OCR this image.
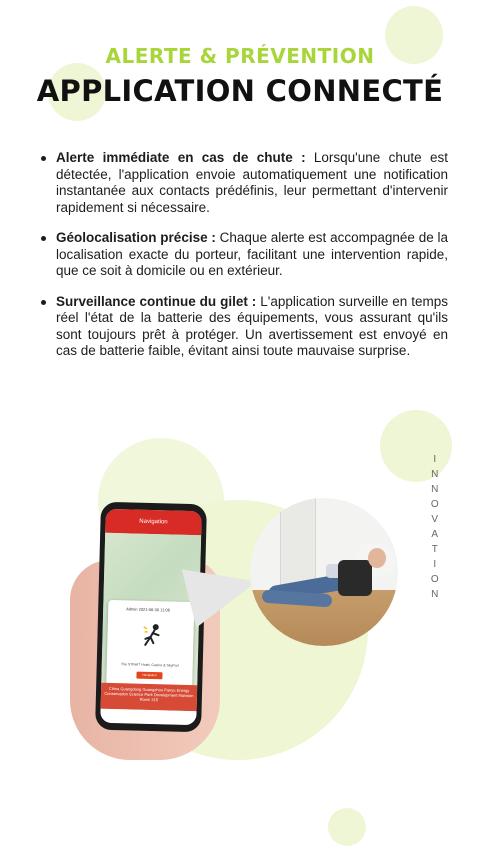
ALERTE & PRÉVENTION
APPLICATION CONNECTÉ
Alerte immédiate en cas de chute : Lorsqu'une chute est détectée, l'application envoie automatiquement une notification instantanée aux contacts prédéfinis, leur permettant d'intervenir rapidement si nécessaire.
Géolocalisation précise : Chaque alerte est accompagnée de la localisation exacte du porteur, facilitant une intervention rapide, que ce soit à domicile ou en extérieur.
Surveillance continue du gilet : L'application surveille en temps réel l'état de la batterie des équipements, vous assurant qu'ils sont toujours prêt à protéger. Un avertissement est envoyé en cas de batterie faible, évitant ainsi toute mauvaise surprise.
I
N
N
O
V
A
T
I
O
N
Navigation
Admin 2021-06-30 11:08
The STRAIT Hotel, Casino & SkyPod
Navigation
China Guangdong Guangzhou Panyu Energy Conservation Science Park Development Mansion Room 315
